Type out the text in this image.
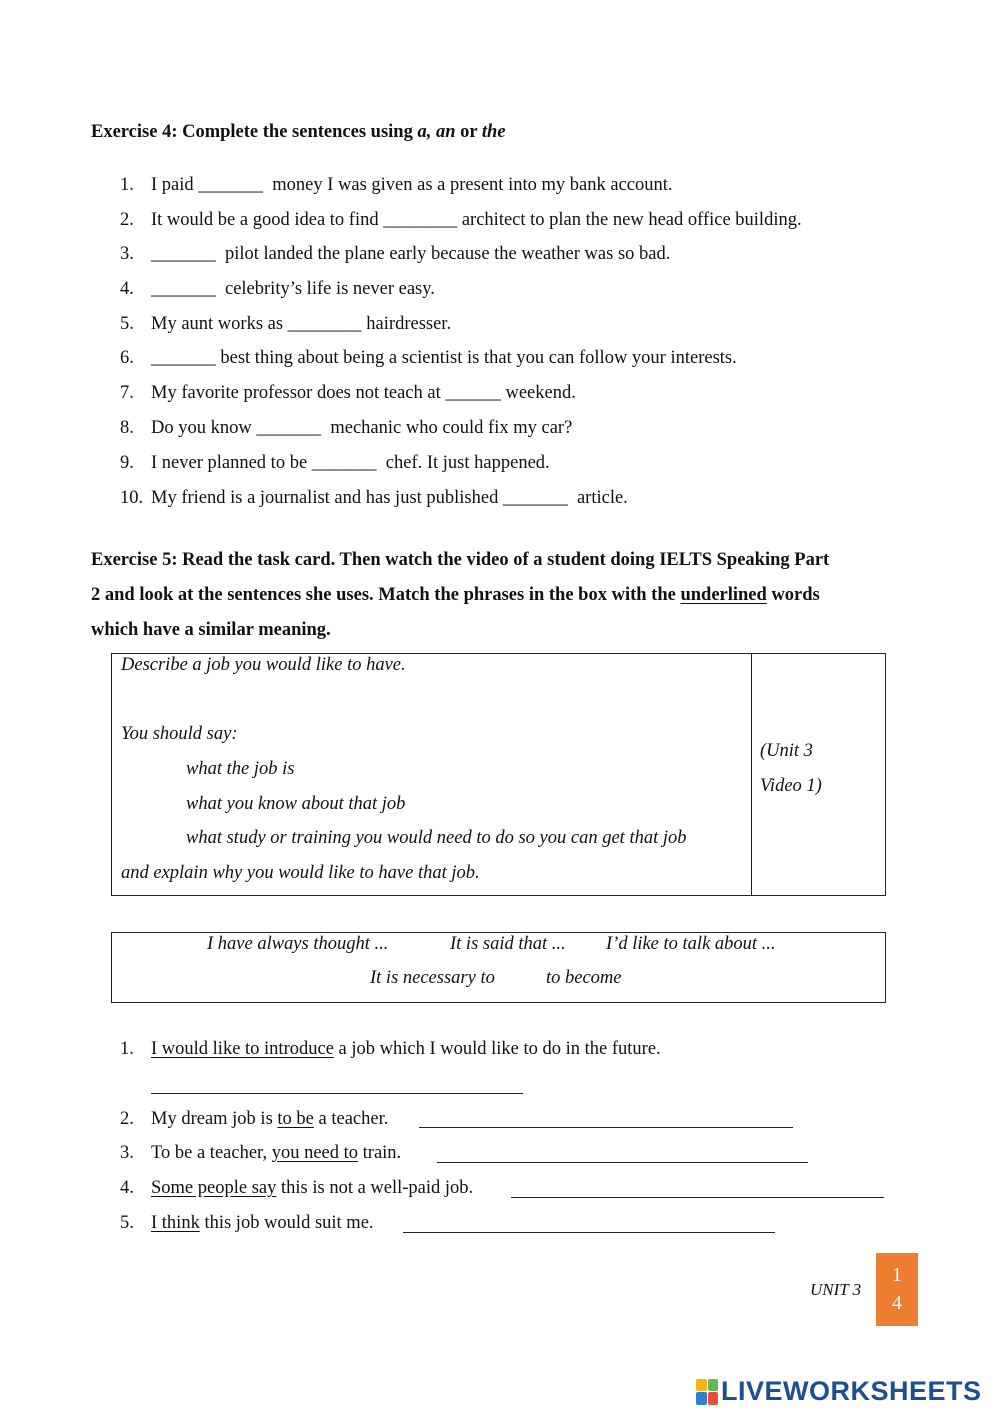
Exercise 4: Complete the sentences using a, an or the
1. I paid _______  money I was given as a present into my bank account.
2. It would be a good idea to find ________ architect to plan the new head office building.
3. _______  pilot landed the plane early because the weather was so bad.
4. _______  celebrity’s life is never easy.
5. My aunt works as ________ hairdresser.
6. _______ best thing about being a scientist is that you can follow your interests.
7. My favorite professor does not teach at ______ weekend.
8. Do you know _______  mechanic who could fix my car?
9. I never planned to be _______  chef. It just happened.
10. My friend is a journalist and has just published _______  article.
Exercise 5: Read the task card. Then watch the video of a student doing IELTS Speaking Part
2 and look at the sentences she uses. Match the phrases in the box with the underlined words
which have a similar meaning.
Describe a job you would like to have.
You should say:
what the job is
what you know about that job
what study or training you would need to do so you can get that job
and explain why you would like to have that job.
(Unit 3
Video 1)
I have always thought ...	It is said that ... I’d like to talk about ...
It is necessary to	to become
1. I would like to introduce a job which I would like to do in the future.
2. My dream job is to be a teacher.
3. To be a teacher, you need to train.
4. Some people say this is not a well-paid job.
5. I think this job would suit me.
UNIT 3
1
4
LIVEWORKSHEETS
